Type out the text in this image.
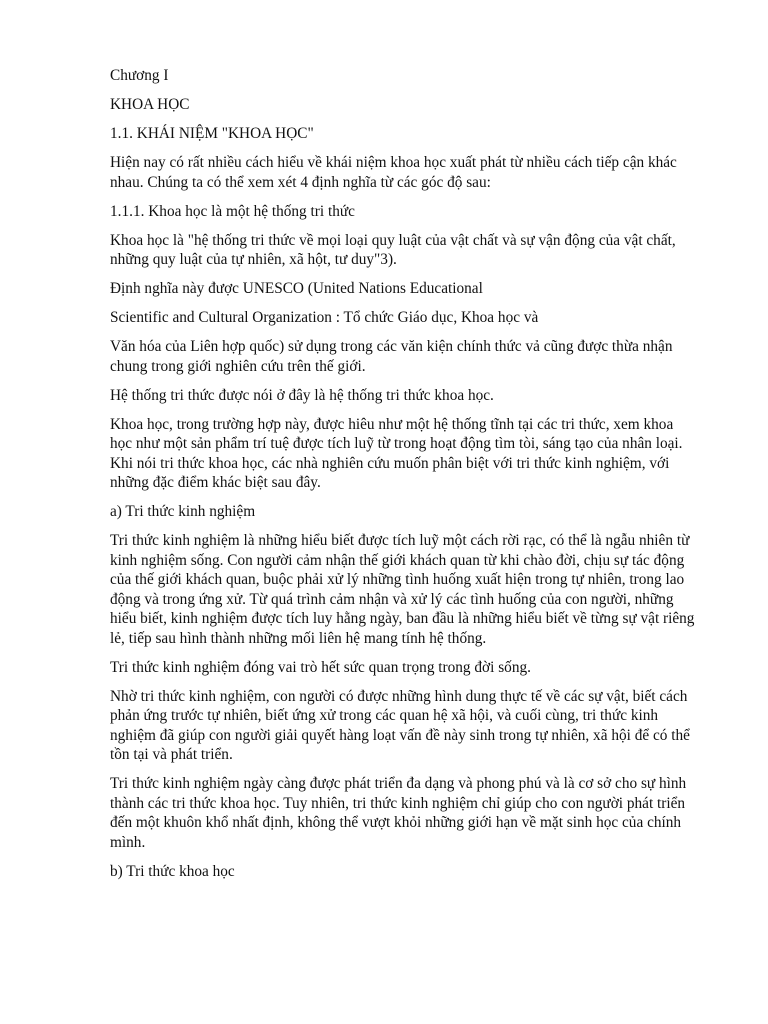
Chương I

KHOA HỌC

1.1. KHÁI NIỆM "KHOA HỌC"

Hiện nay có rất nhiều cách hiểu về khái niệm khoa học xuất phát từ nhiều cách tiếp cận khác nhau. Chúng ta có thể xem xét 4 định nghĩa từ các góc độ sau:

1.1.1. Khoa học là một hệ thống tri thức

Khoa học là "hệ thống tri thức về mọi loại quy luật của vật chất và sự vận động của vật chất, những quy luật của tự nhiên, xã hột, tư duy"3).

Định nghĩa này được UNESCO (United Nations Educational

Scientific and Cultural Organization : Tổ chức Giáo dục, Khoa học và

Văn hóa của Liên hợp quốc) sử dụng trong các văn kiện chính thức vả cũng được thừa nhận chung trong giới nghiên cứu trên thế giới.

Hệ thống tri thức được nói ở đây là hệ thống tri thức khoa học.

Khoa học, trong trường hợp này, được hiêu như một hệ thống tĩnh tại các tri thức, xem khoa học như một sản phẩm trí tuệ được tích luỹ từ trong hoạt động tìm tòi, sáng tạo của nhân loại. Khi nói tri thức khoa học, các nhà nghiên cứu muốn phân biệt với tri thức kinh nghiệm, với những đặc điểm khác biệt sau đây.

a) Tri thức kinh nghiệm

Tri thức kinh nghiệm là những hiểu biết được tích luỹ một cách rời rạc, có thể là ngẫu nhiên từ kinh nghiệm sống. Con người cảm nhận thế giới khách quan từ khi chào đời, chịu sự tác động của thế giới khách quan, buộc phải xử lý những tình huống xuất hiện trong tự nhiên, trong lao động và trong ứng xử. Từ quá trình cảm nhận và xử lý các tình huống của con người, những hiểu biết, kinh nghiệm được tích luy hằng ngày, ban đầu là những hiểu biết về từng sự vật riêng lẻ, tiếp sau hình thành những mối liên hệ mang tính hệ thống.

Tri thức kinh nghiệm đóng vai trò hết sức quan trọng trong đời sống.

Nhờ tri thức kinh nghiệm, con người có được những hình dung thực tế về các sự vật, biết cách phản ứng trước tự nhiên, biết ứng xử trong các quan hệ xã hội, và cuối cùng, tri thức kinh nghiệm đã giúp con người giải quyết hàng loạt vấn đề này sinh trong tự nhiên, xã hội để có thể tồn tại và phát triển.

Tri thức kinh nghiệm ngày càng được phát triển đa dạng và phong phú và là cơ sở cho sự hình thành các tri thức khoa học. Tuy nhiên, tri thức kinh nghiệm chỉ giúp cho con người phát triển đến một khuôn khổ nhất định, không thể vượt khỏi những giới hạn về mặt sinh học của chính mình.

b) Tri thức khoa học
